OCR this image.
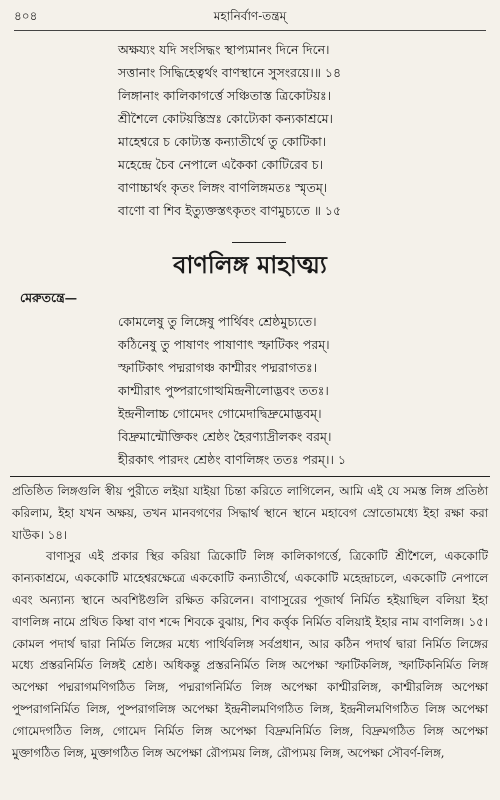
৪০৪	মহানির্বাণ-তন্ত্রম্
অক্ষয্যং যদি সংসিদ্ধং স্থাপ্যমানং দিনে দিনে।
সত্তানাং সিদ্ধিহেত্বর্থং বাণস্থানে সুসংরয়ে।॥ ১৪
লিঙ্গানাং কালিকাগর্ত্তে সঞ্চিতাস্ত ত্রিকোটয়ঃ।
শ্রীশৈলে কোটয়স্তিস্রঃ কোট্যেকা কন্যকাশ্রমে।
মাহেশ্বরে চ কোট্যস্ত কন্যাতীর্থে তু কোটিকা।
মহেন্দ্রে চৈব নেপালে একৈকা কোটিরেব চ।
বাণাচ্চার্থং কৃতং লিঙ্গং বাণলিঙ্গমতঃ স্মৃতম্।
বাণো বা শিব ইত্যুক্তস্তৎকৃতং বাণমুচ্যতে ॥ ১৫
বাণলিঙ্গ মাহাত্ম্য
মেরুতন্ত্রে—
কোমলেষু তু লিঙ্গেষু পার্থিবং শ্রেষ্ঠমুচ্যতে।
কঠিনেষু তু পাষাণং পাষাণাৎ স্ফাটিকং পরম্।
স্ফাটিকাৎ পদ্মরাগঞ্চ কাশ্মীরং পদ্মরাগতঃ।
কাশ্মীরাৎ পুষ্পরাগোত্থমিন্দ্রনীলোদ্ভবং ততঃ।
ইন্দ্রনীলাচ্চ গোমেদং গোমেদাদ্বিদ্রুমোদ্ভবম্।
বিদ্রুমান্মৌক্তিকং শ্রেষ্ঠং হৈরণ্যাদ্রীলকং বরম্।
হীরকাৎ পারদং শ্রেষ্ঠং বাণলিঙ্গং ততঃ পরম্।। ১

প্রতিষ্ঠিত লিঙ্গগুলি স্বীয় পুরীতে লইয়া যাইয়া চিন্তা করিতে লাগিলেন, আমি এই যে সমস্ত লিঙ্গ প্রতিষ্ঠা করিলাম, ইহা যখন অক্ষয়, তখন মানবগণের সিদ্ধার্থ স্থানে স্থানে মহাবেগ স্রোতোমধ্যে ইহা রক্ষা করা যাউক। ১৪।

বাণাসুর এই প্রকার স্থির করিয়া ত্রিকোটি লিঙ্গ কালিকাগর্ত্তে, ত্রিকোটি শ্রীশৈলে, এককোটি কান্যকাশ্রমে, এককোটি মাহেশ্বরক্ষেত্রে এককোটি কন্যাতীর্থে, এককোটি মহেন্দ্রাচলে, এককোটি নেপালে এবং অন্যান্য স্থানে অবশিষ্টগুলি রক্ষিত করিলেন। বাণাসুরের পূজার্থ নির্মিত হইয়াছিল বলিয়া ইহা বাণলিঙ্গ নামে প্রথিত কিম্বা বাণ শব্দে শিবকে বুঝায়, শিব কর্ত্তৃক নির্মিত বলিয়াই ইহার নাম বাণলিঙ্গ। ১৫। কোমল পদার্থ দ্বারা নির্মিত লিঙ্গের মধ্যে পার্থিবলিঙ্গ সর্বপ্রধান, আর কঠিন পদার্থ দ্বারা নির্মিত লিঙ্গের মধ্যে প্রস্তরনির্মিত লিঙ্গই শ্রেষ্ঠ। অধিকন্তু প্রস্তরনির্মিত লিঙ্গ অপেক্ষা স্ফাটিকলিঙ্গ, স্ফাটিকনির্মিত লিঙ্গ অপেক্ষা পদ্মরাগমণিগঠিত লিঙ্গ, পদ্মরাগনির্মিত লিঙ্গ অপেক্ষা কাশ্মীরলিঙ্গ, কাশ্মীরলিঙ্গ অপেক্ষা পুষ্পরাগনির্মিত লিঙ্গ, পুষ্পরাগলিঙ্গ অপেক্ষা ইন্দ্রনীলমণিগঠিত লিঙ্গ, ইন্দ্রনীলমণিগঠিত লিঙ্গ অপেক্ষা গোমেদগঠিত লিঙ্গ, গোমেদ নির্মিত লিঙ্গ অপেক্ষা বিদ্রুমনির্মিত লিঙ্গ, বিদ্রুমগঠিত লিঙ্গ অপেক্ষা মুক্তাগঠিত লিঙ্গ, মুক্তাগঠিত লিঙ্গ অপেক্ষা রৌপ্যময় লিঙ্গ, রৌপ্যময় লিঙ্গ, অপেক্ষা সৌবর্ণ-লিঙ্গ,
